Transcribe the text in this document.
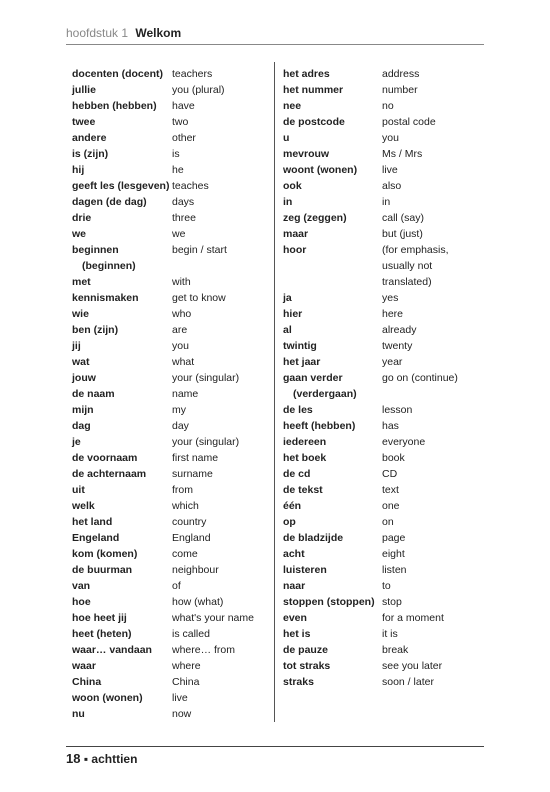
hoofdstuk 1 Welkom
docenten (docent) teachers
jullie	you (plural)
hebben (hebben)	have
twee	two
andere	other
is (zijn)	is
hij	he
geeft les (lesgeven) teaches
dagen (de dag)	days
drie	three
we	we
beginnen	begin / start
(beginnen)
met	with
kennismaken	get to know
wie	who
ben (zijn)	are
jij	you
wat	what
jouw	your (singular)
de naam	name
mijn	my
dag	day
je	your (singular)
de voornaam	first name
de achternaam	surname
uit	from
welk	which
het land	country
Engeland	England
kom (komen)	come
de buurman	neighbour
van	of
hoe	how (what)
hoe heet jij	what's your name
heet (heten)	is called
waar… vandaan	where… from
waar	where
China	China
woon (wonen)	live
nu	now
het adres	address
het nummer	number
nee	no
de postcode	postal code
u	you
mevrouw	Ms / Mrs
woont (wonen)	live
ook	also
in	in
zeg (zeggen)	call (say)
maar	but (just)
hoor	(for emphasis,
usually not
translated)
ja	yes
hier	here
al	already
twintig	twenty
het jaar	year
gaan verder	go on (continue)
(verdergaan)
de les	lesson
heeft (hebben)	has
iedereen	everyone
het boek	book
de cd	CD
de tekst	text
één	one
op	on
de bladzijde	page
acht	eight
luisteren	listen
naar	to
stoppen (stoppen) stop
even	for a moment
het is	it is
de pauze	break
tot straks	see you later
straks	soon / later
18 ▪ achttien
